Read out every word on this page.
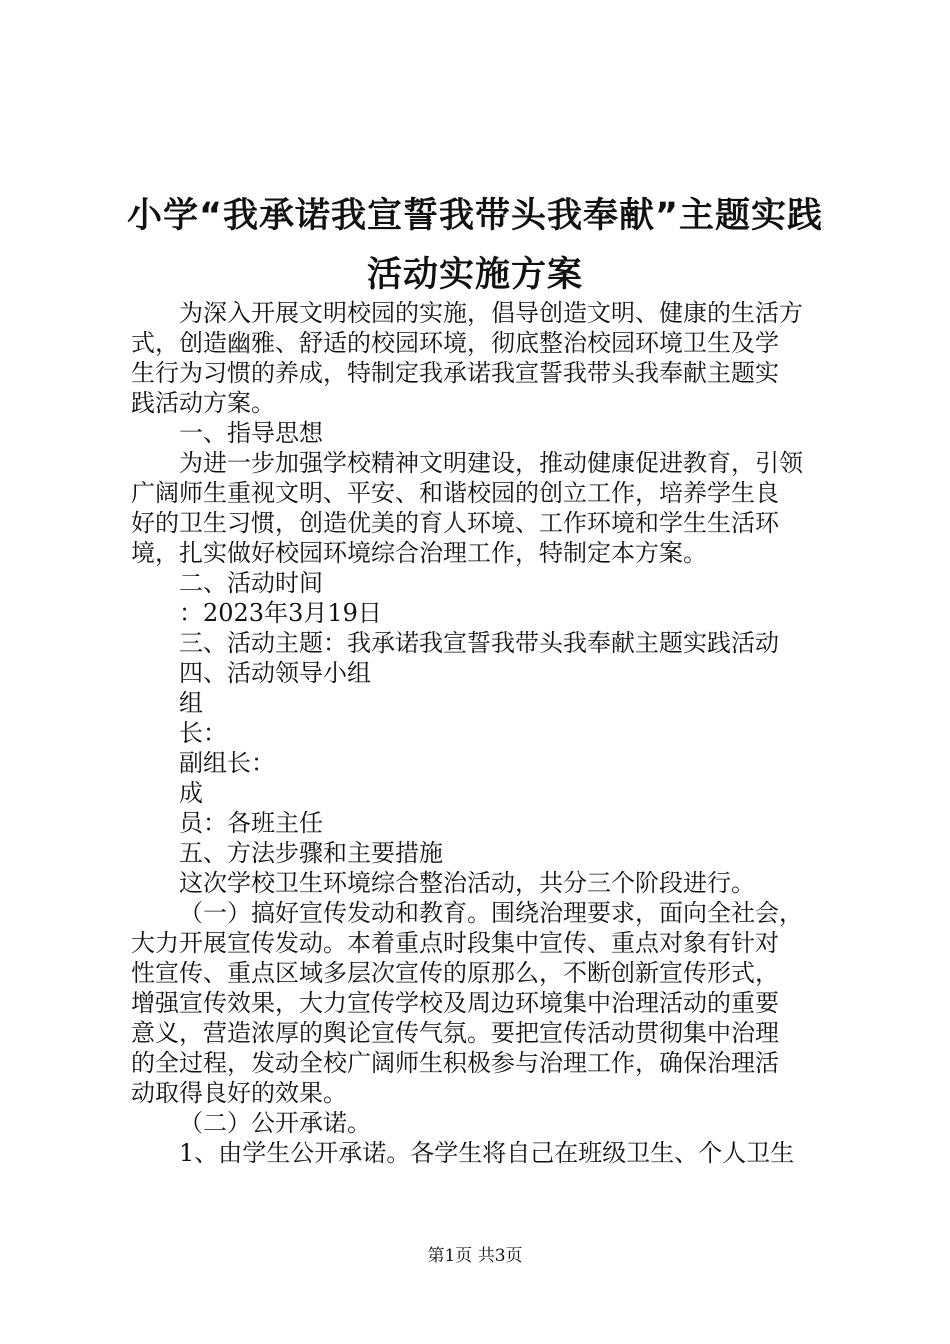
小学“我承诺我宣誓我带头我奉献”主题实践
活动实施方案
为深入开展文明校园的实施，倡导创造文明、健康的生活方
式，创造幽雅、舒适的校园环境，彻底整治校园环境卫生及学
生行为习惯的养成，特制定我承诺我宣誓我带头我奉献主题实
践活动方案。
一、指导思想
为进一步加强学校精神文明建设，推动健康促进教育，引领
广阔师生重视文明、平安、和谐校园的创立工作，培养学生良
好的卫生习惯，创造优美的育人环境、工作环境和学生生活环
境，扎实做好校园环境综合治理工作，特制定本方案。
二、活动时间
：2023年3月19日
三、活动主题：我承诺我宣誓我带头我奉献主题实践活动
四、活动领导小组
组
长：
副组长：
成
员：各班主任
五、方法步骤和主要措施
这次学校卫生环境综合整治活动，共分三个阶段进行。
（一）搞好宣传发动和教育。围绕治理要求，面向全社会，
大力开展宣传发动。本着重点时段集中宣传、重点对象有针对
性宣传、重点区域多层次宣传的原那么，不断创新宣传形式，
增强宣传效果，大力宣传学校及周边环境集中治理活动的重要
意义，营造浓厚的舆论宣传气氛。要把宣传活动贯彻集中治理
的全过程，发动全校广阔师生积极参与治理工作，确保治理活
动取得良好的效果。
（二）公开承诺。
1、由学生公开承诺。各学生将自己在班级卫生、个人卫生
第1页 共3页
